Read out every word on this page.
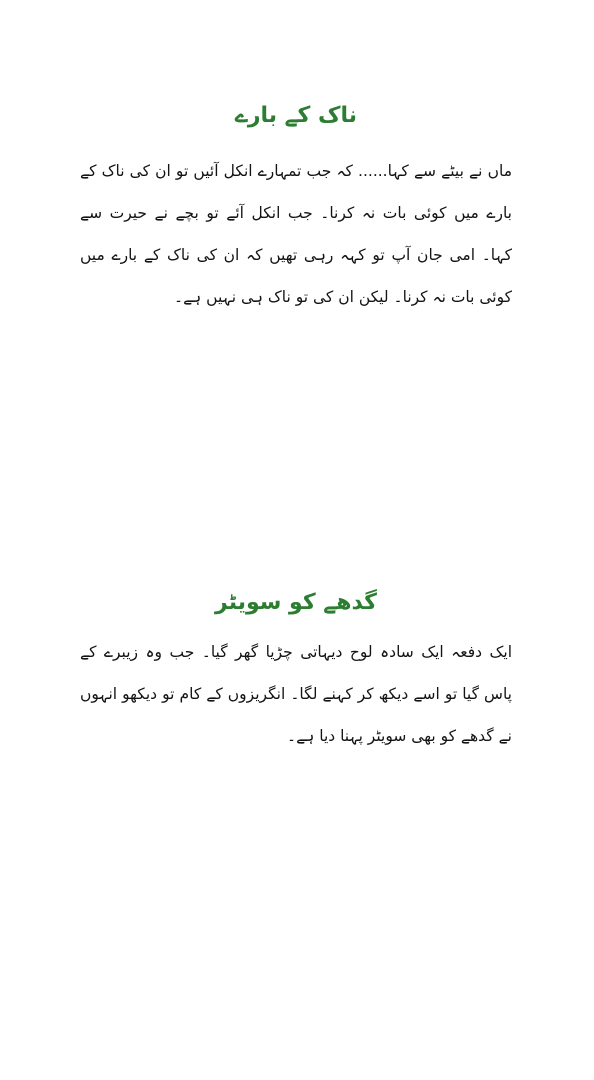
ناک کے بارے

ماں نے بیٹے سے کہا...... کہ جب تمہارے انکل آئیں تو ان کی ناک کے بارے میں کوئی بات نہ کرنا۔ جب انکل آئے تو بچے نے حیرت سے کہا۔ امی جان آپ تو کہہ رہی تھیں کہ ان کی ناک کے بارے میں کوئی بات نہ کرنا۔ لیکن ان کی تو ناک ہی نہیں ہے۔

گدھے کو سویٹر

ایک دفعہ ایک سادہ لوح دیہاتی چڑیا گھر گیا۔ جب وہ زیبرے کے پاس گیا تو اسے دیکھ کر کہنے لگا۔ انگریزوں کے کام تو دیکھو انہوں نے گدھے کو بھی سویٹر پہنا دیا ہے۔
